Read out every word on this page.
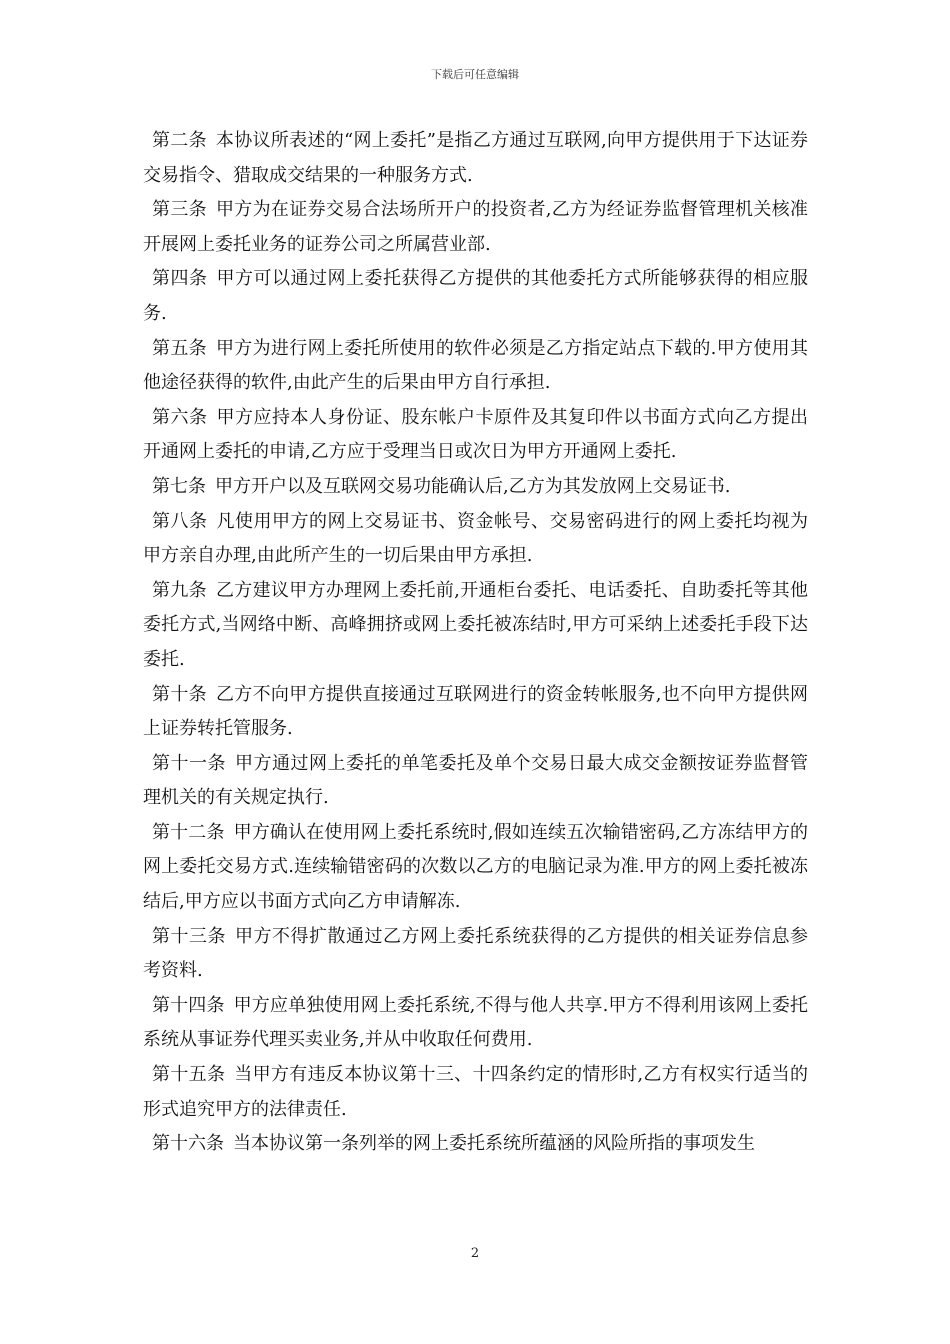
下载后可任意编辑

第二条 本协议所表述的“网上委托”是指乙方通过互联网,向甲方提供用于下达证券交易指令、猎取成交结果的一种服务方式.

第三条 甲方为在证券交易合法场所开户的投资者,乙方为经证券监督管理机关核准开展网上委托业务的证券公司之所属营业部.

第四条 甲方可以通过网上委托获得乙方提供的其他委托方式所能够获得的相应服务.

第五条 甲方为进行网上委托所使用的软件必须是乙方指定站点下载的.甲方使用其他途径获得的软件,由此产生的后果由甲方自行承担.

第六条 甲方应持本人身份证、股东帐户卡原件及其复印件以书面方式向乙方提出开通网上委托的申请,乙方应于受理当日或次日为甲方开通网上委托.

第七条 甲方开户以及互联网交易功能确认后,乙方为其发放网上交易证书.

第八条 凡使用甲方的网上交易证书、资金帐号、交易密码进行的网上委托均视为甲方亲自办理,由此所产生的一切后果由甲方承担.

第九条 乙方建议甲方办理网上委托前,开通柜台委托、电话委托、自助委托等其他委托方式,当网络中断、高峰拥挤或网上委托被冻结时,甲方可采纳上述委托手段下达委托.

第十条 乙方不向甲方提供直接通过互联网进行的资金转帐服务,也不向甲方提供网上证券转托管服务.

第十一条 甲方通过网上委托的单笔委托及单个交易日最大成交金额按证券监督管理机关的有关规定执行.

第十二条 甲方确认在使用网上委托系统时,假如连续五次输错密码,乙方冻结甲方的网上委托交易方式.连续输错密码的次数以乙方的电脑记录为准.甲方的网上委托被冻结后,甲方应以书面方式向乙方申请解冻.

第十三条 甲方不得扩散通过乙方网上委托系统获得的乙方提供的相关证券信息参考资料.

第十四条 甲方应单独使用网上委托系统,不得与他人共享.甲方不得利用该网上委托系统从事证券代理买卖业务,并从中收取任何费用.

第十五条 当甲方有违反本协议第十三、十四条约定的情形时,乙方有权实行适当的形式追究甲方的法律责任.

第十六条 当本协议第一条列举的网上委托系统所蕴涵的风险所指的事项发生

2
